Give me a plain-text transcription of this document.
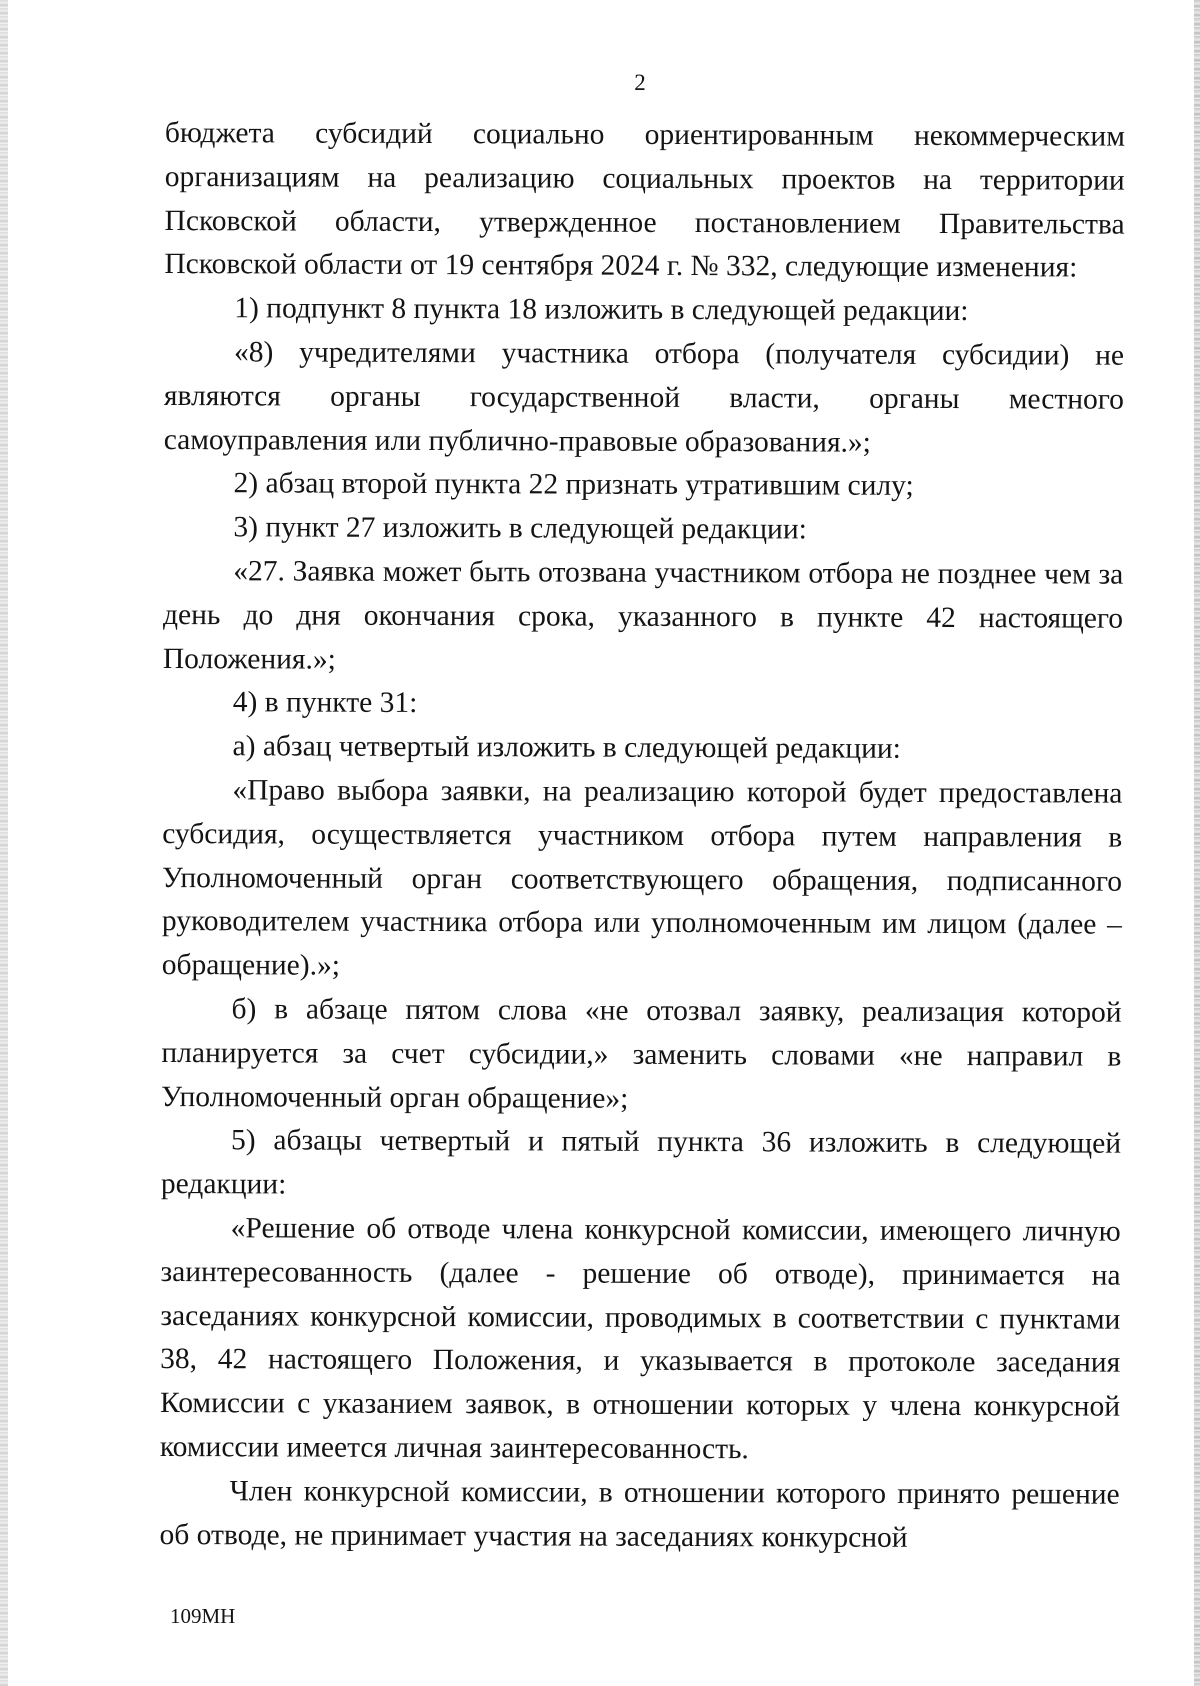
2

бюджета субсидий социально ориентированным некоммерческим организациям на реализацию социальных проектов на территории Псковской области, утвержденное постановлением Правительства Псковской области от 19 сентября 2024 г. № 332, следующие изменения:

1) подпункт 8 пункта 18 изложить в следующей редакции:

«8) учредителями участника отбора (получателя субсидии) не являются органы государственной власти, органы местного самоуправления или публично-правовые образования.»;

2) абзац второй пункта 22 признать утратившим силу;

3) пункт 27 изложить в следующей редакции:

«27. Заявка может быть отозвана участником отбора не позднее чем за день до дня окончания срока, указанного в пункте 42 настоящего Положения.»;

4) в пункте 31:

а) абзац четвертый изложить в следующей редакции:

«Право выбора заявки, на реализацию которой будет предоставлена субсидия, осуществляется участником отбора путем направления в Уполномоченный орган соответствующего обращения, подписанного руководителем участника отбора или уполномоченным им лицом (далее – обращение).»;

б) в абзаце пятом слова «не отозвал заявку, реализация которой планируется за счет субсидии,» заменить словами «не направил в Уполномоченный орган обращение»;

5) абзацы четвертый и пятый пункта 36 изложить в следующей редакции:

«Решение об отводе члена конкурсной комиссии, имеющего личную заинтересованность (далее - решение об отводе), принимается на заседаниях конкурсной комиссии, проводимых в соответствии с пунктами 38, 42 настоящего Положения, и указывается в протоколе заседания Комиссии с указанием заявок, в отношении которых у члена конкурсной комиссии имеется личная заинтересованность.

Член конкурсной комиссии, в отношении которого принято решение об отводе, не принимает участия на заседаниях конкурсной

109МН
